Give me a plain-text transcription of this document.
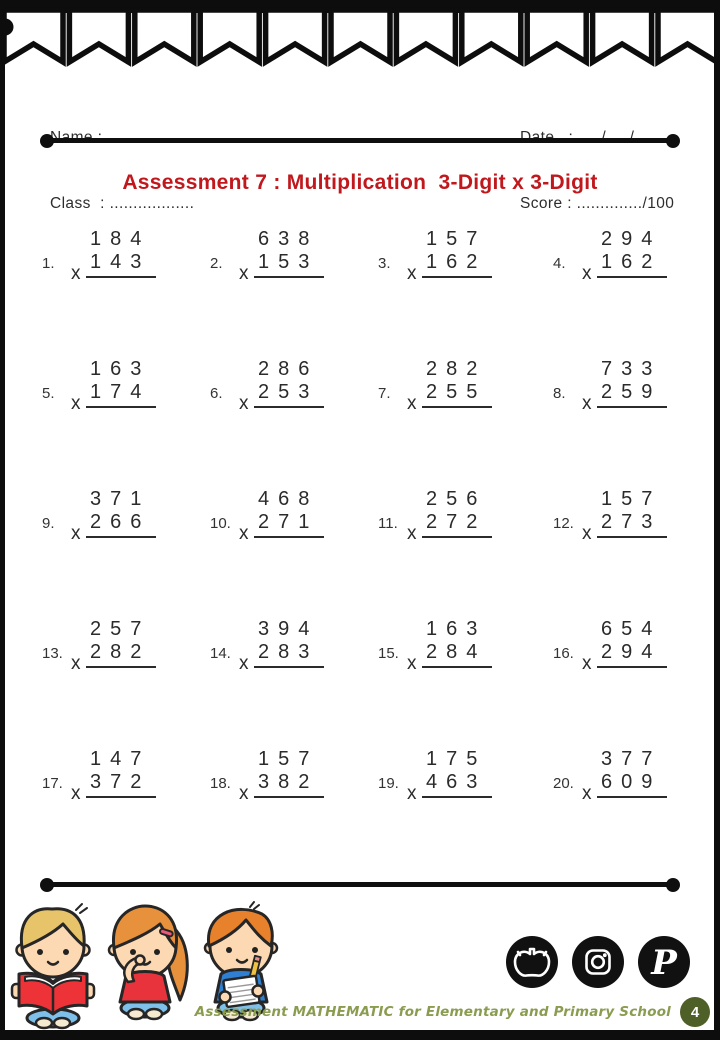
Class  : ..................

	Score : ............../100

Assessment 7 : Multiplication  3-Digit x 3-Digit
1.
184
143
x	2.
638
153
x	3.
157
162
x	4.
294
162
x
5.
163
174
x	6.
286
253
x	7.
282
255
x	8.
733
259
x
9.
371
266
x	10.
468
271
x	11.
256
272
x	12.
157
273
x
13.
257
282
x	14.
394
283
x	15.
163
284
x	16.
654
294
x
17.
147
372
x	18.
157
382
x	19.
175
463
x	20.
377
609
x
P
Assessment MATHEMATIC for Elementary and Primary School	4
